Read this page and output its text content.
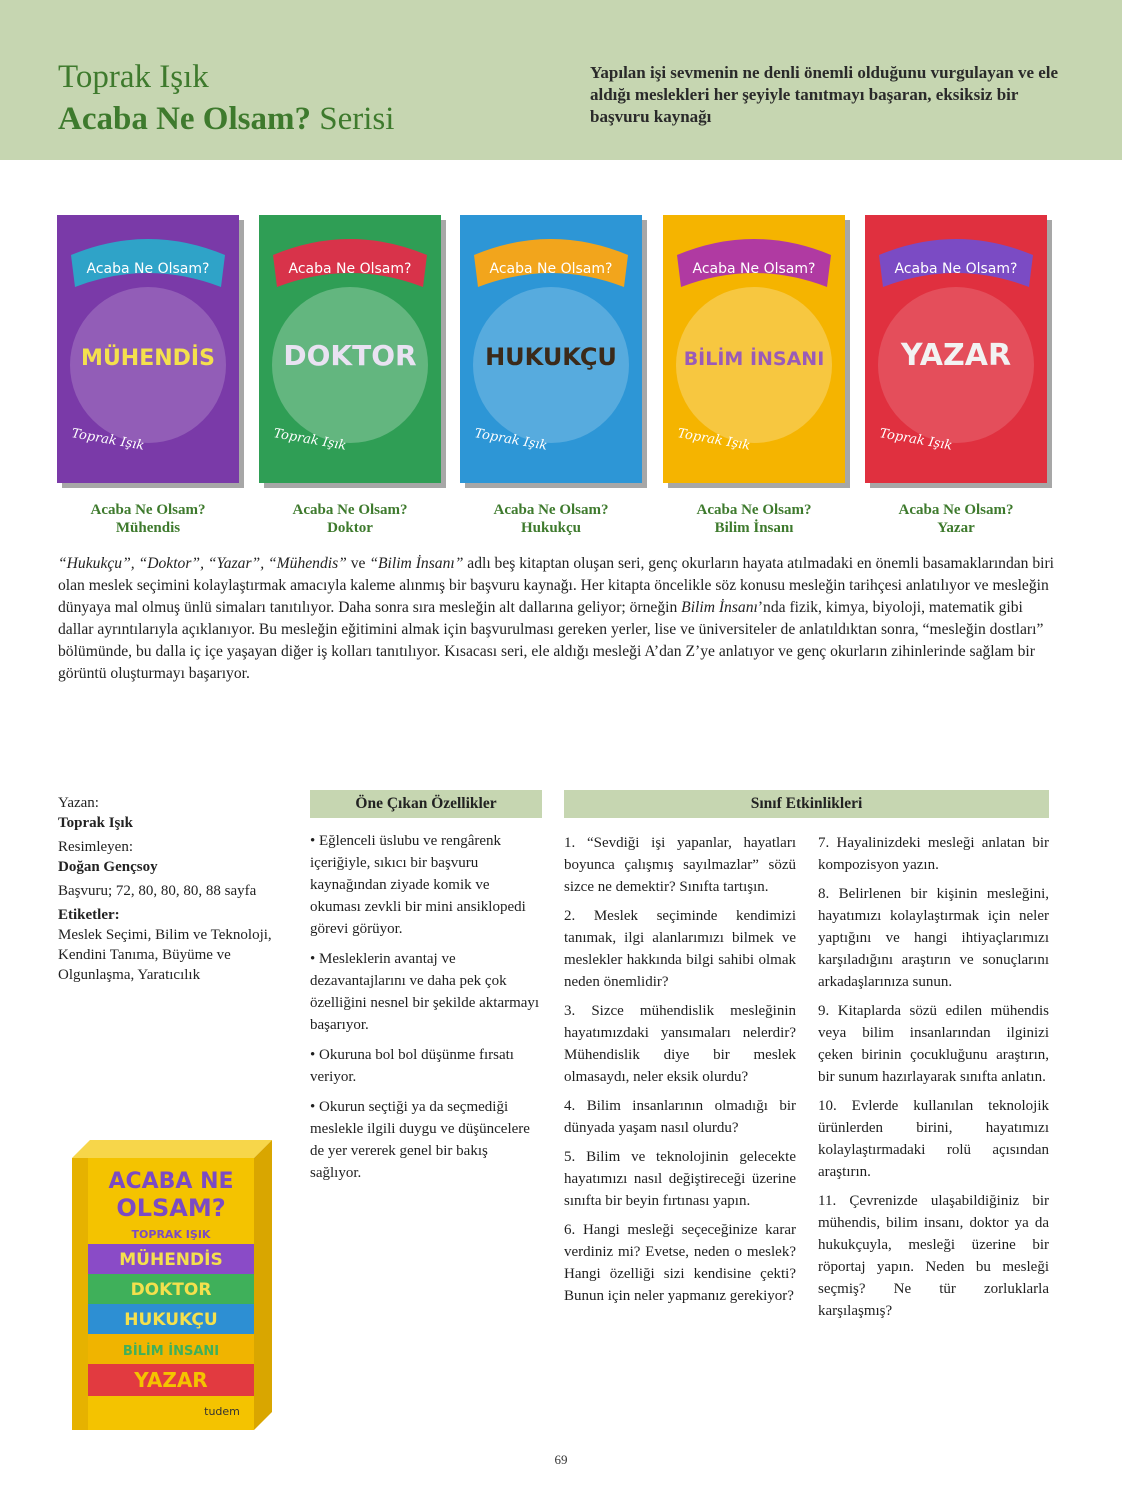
Toprak Işık
Acaba Ne Olsam? Serisi
Yapılan işi sevmenin ne denli önemli olduğunu vurgulayan ve ele aldığı meslekleri her şeyiyle tanıtmayı başaran, eksiksiz bir başvuru kaynağı
Acaba Ne Olsam?
MÜHENDİS
Toprak Işık
Acaba Ne Olsam?
Mühendis
Acaba Ne Olsam?
DOKTOR
Toprak Işık
Acaba Ne Olsam?
Doktor
Acaba Ne Olsam?
HUKUKÇU
Toprak Işık
Acaba Ne Olsam?
Hukukçu
Acaba Ne Olsam?
BİLİM İNSANI
Toprak Işık
Acaba Ne Olsam?
Bilim İnsanı
Acaba Ne Olsam?
YAZAR
Toprak Işık
Acaba Ne Olsam?
Yazar
“Hukukçu”, “Doktor”, “Yazar”, “Mühendis” ve “Bilim İnsanı” adlı beş kitaptan oluşan seri, genç okurların hayata atılmadaki en önemli basamaklarından biri olan meslek seçimini kolaylaştırmak amacıyla kaleme alınmış bir başvuru kaynağı. Her kitapta öncelikle söz konusu mesleğin tarihçesi anlatılıyor ve mesleğin dünyaya mal olmuş ünlü simaları tanıtılıyor. Daha sonra sıra mesleğin alt dallarına geliyor; örneğin Bilim İnsanı’nda fizik, kimya, biyoloji, matematik gibi dallar ayrıntılarıyla açıklanıyor. Bu mesleğin eğitimini almak için başvurulması gereken yerler, lise ve üniversiteler de anlatıldıktan sonra, “mesleğin dostları” bölümünde, bu dalla iç içe yaşayan diğer iş kolları tanıtılıyor. Kısacası seri, ele aldığı mesleği A’dan Z’ye anlatıyor ve genç okurların zihinlerinde sağlam bir görüntü oluşturmayı başarıyor.
Yazan:
Toprak Işık
Resimleyen:
Doğan Gençsoy
Başvuru; 72, 80, 80, 80, 88 sayfa
Etiketler:
Meslek Seçimi, Bilim ve Teknoloji, Kendini Tanıma, Büyüme ve Olgunlaşma, Yaratıcılık
Öne Çıkan Özellikler
• Eğlenceli üslubu ve rengârenk içeriğiyle, sıkıcı bir başvuru kaynağından ziyade komik ve okuması zevkli bir mini ansiklopedi görevi görüyor.
• Mesleklerin avantaj ve dezavantajlarını ve daha pek çok özelliğini nesnel bir şekilde aktarmayı başarıyor.
• Okuruna bol bol düşünme fırsatı veriyor.
• Okurun seçtiği ya da seçmediği meslekle ilgili duygu ve düşüncelere de yer vererek genel bir bakış sağlıyor.
Sınıf Etkinlikleri
1. “Sevdiği işi yapanlar, hayatları boyunca çalışmış sayılmazlar” sözü sizce ne demektir? Sınıfta tartışın.
2. Meslek seçiminde kendimizi tanımak, ilgi alanlarımızı bilmek ve meslekler hakkında bilgi sahibi olmak neden önemlidir?
3. Sizce mühendislik mesleğinin hayatımızdaki yansımaları nelerdir? Mühendislik diye bir meslek olmasaydı, neler eksik olurdu?
4. Bilim insanlarının olmadığı bir dünyada yaşam nasıl olurdu?
5. Bilim ve teknolojinin gelecekte hayatımızı nasıl değiştireceği üzerine sınıfta bir beyin fırtınası yapın.
6. Hangi mesleği seçeceğinize karar verdiniz mi? Evetse, neden o meslek? Hangi özelliği sizi kendisine çekti? Bunun için neler yapmanız gerekiyor?
7. Hayalinizdeki mesleği anlatan bir kompozisyon yazın.
8. Belirlenen bir kişinin mesleğini, hayatımızı kolaylaştırmak için neler yaptığını ve hangi ihtiyaçlarımızı karşıladığını araştırın ve sonuçlarını arkadaşlarınıza sunun.
9. Kitaplarda sözü edilen mühendis veya bilim insanlarından ilginizi çeken birinin çocukluğunu araştırın, bir sunum hazırlayarak sınıfta anlatın.
10. Evlerde kullanılan teknolojik ürünlerden birini, hayatımızı kolaylaştırmadaki rolü açısından araştırın.
11. Çevrenizde ulaşabildiğiniz bir mühendis, bilim insanı, doktor ya da hukukçuyla, mesleği üzerine bir röportaj yapın. Neden bu mesleği seçmiş? Ne tür zorluklarla karşılaşmış?
ACABA NE
OLSAM?
TOPRAK IŞIK
MÜHENDİS
DOKTOR
HUKUKÇU
BİLİM İNSANI
YAZAR
tudem
69
